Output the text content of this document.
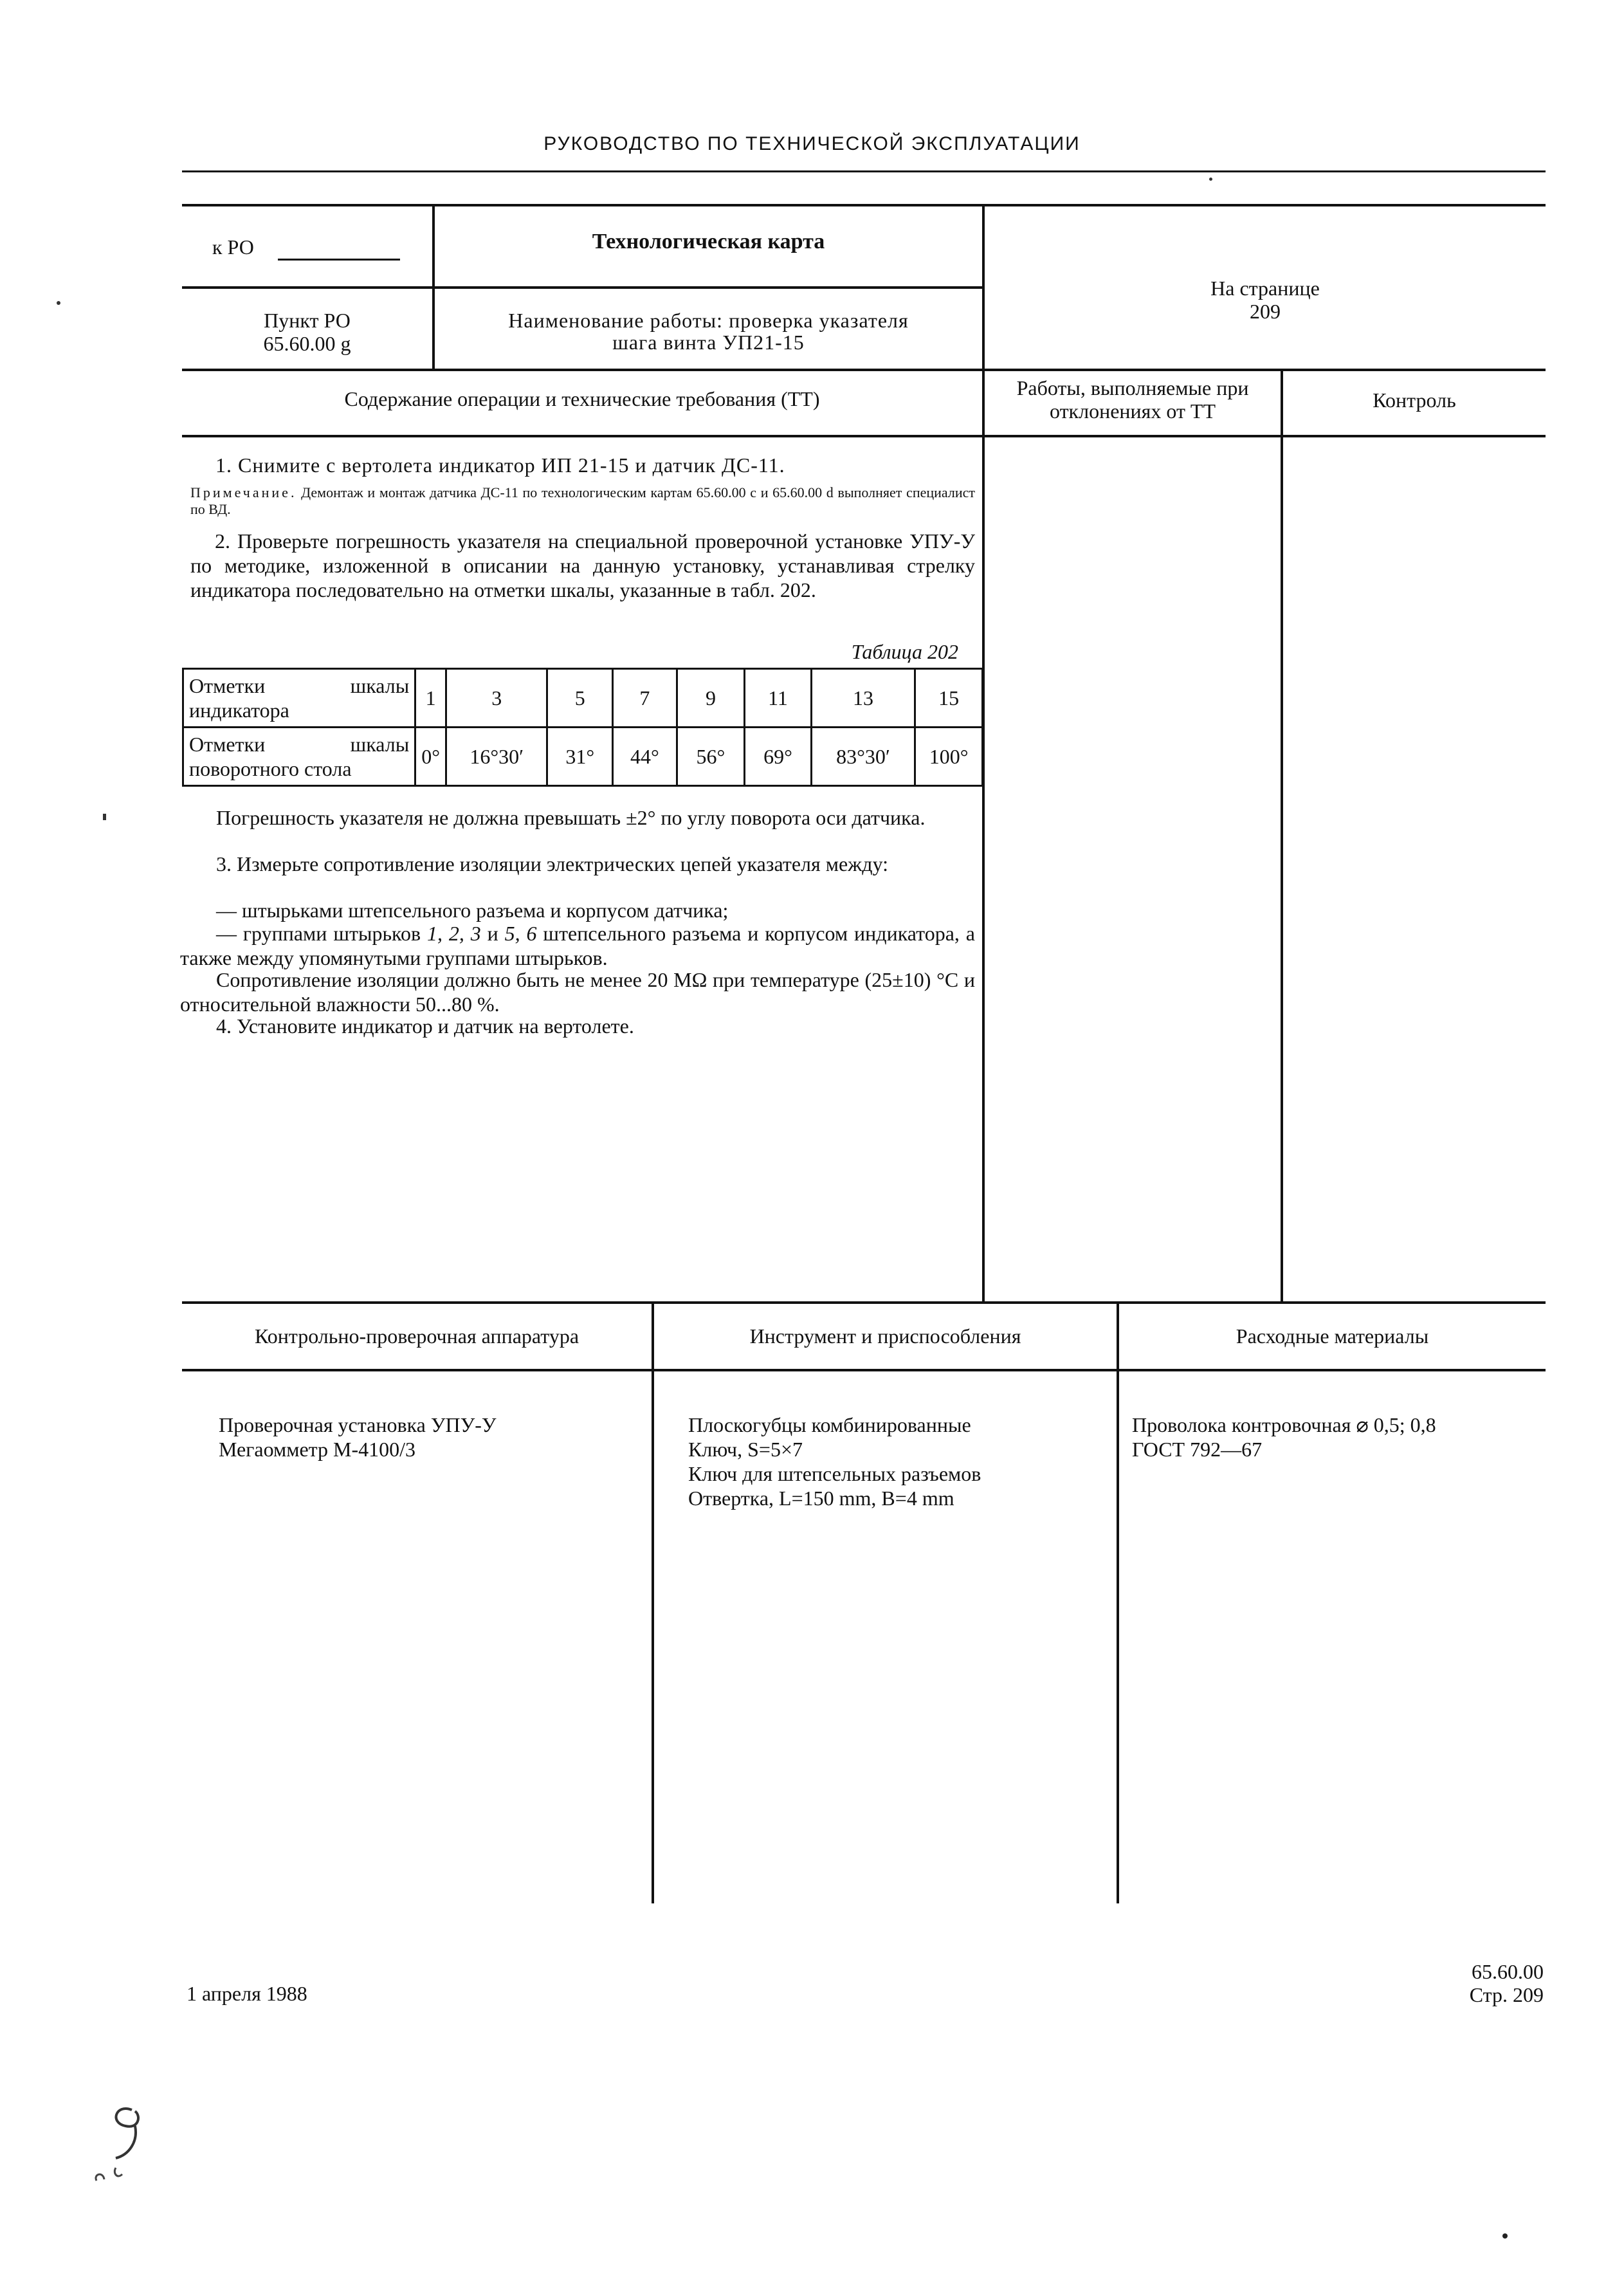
РУКОВОДСТВО ПО ТЕХНИЧЕСКОЙ ЭКСПЛУАТАЦИИ
к РО	Технологическая карта
На странице
209
Пункт РО
65.60.00 g
Наименование работы: проверка указателя
шага винта УП21-15
Содержание операции и технические требования (ТТ)	Работы, выполняемые при
отклонениях от ТТ	Контроль
1. Снимите с вертолета индикатор ИП 21-15 и датчик ДС-11.
Примечание. Демонтаж и монтаж датчика ДС-11 по технологическим картам 65.60.00 c и 65.60.00 d выполняет специалист по ВД.
2. Проверьте погрешность указателя на специальной проверочной установке УПУ-У по методике, изложенной в описании на данную установку, устанавливая стрелку индикатора последовательно на отметки шкалы, указанные в табл. 202.
Таблица 202
Отметки шкалы индикатора	1	3	5	7	9	11	13	15
Отметки шкалы поворотного стола	0°	16°30′	31°	44°	56°	69°	83°30′	100°
Погрешность указателя не должна превышать ±2° по углу поворота оси датчика.
3. Измерьте сопротивление изоляции электрических цепей указателя между:
— штырьками штепсельного разъема и корпусом датчика;
— группами штырьков 1, 2, 3 и 5, 6 штепсельного разъема и корпусом индикатора, а также между упомянутыми группами штырьков.
Сопротивление изоляции должно быть не менее 20 MΩ при температуре (25±10) °C и относительной влажности 50...80 %.
4. Установите индикатор и датчик на вертолете.
Контрольно-проверочная аппаратура	Инструмент и приспособления	Расходные материалы
Проверочная установка УПУ-У
Мегаомметр М-4100/3
Плоскогубцы комбинированные
Ключ, S=5×7
Ключ для штепсельных разъемов
Отвертка, L=150 mm, B=4 mm
Проволока контровочная ⌀ 0,5; 0,8
ГОСТ 792—67
1 апреля 1988
65.60.00
Стр. 209
